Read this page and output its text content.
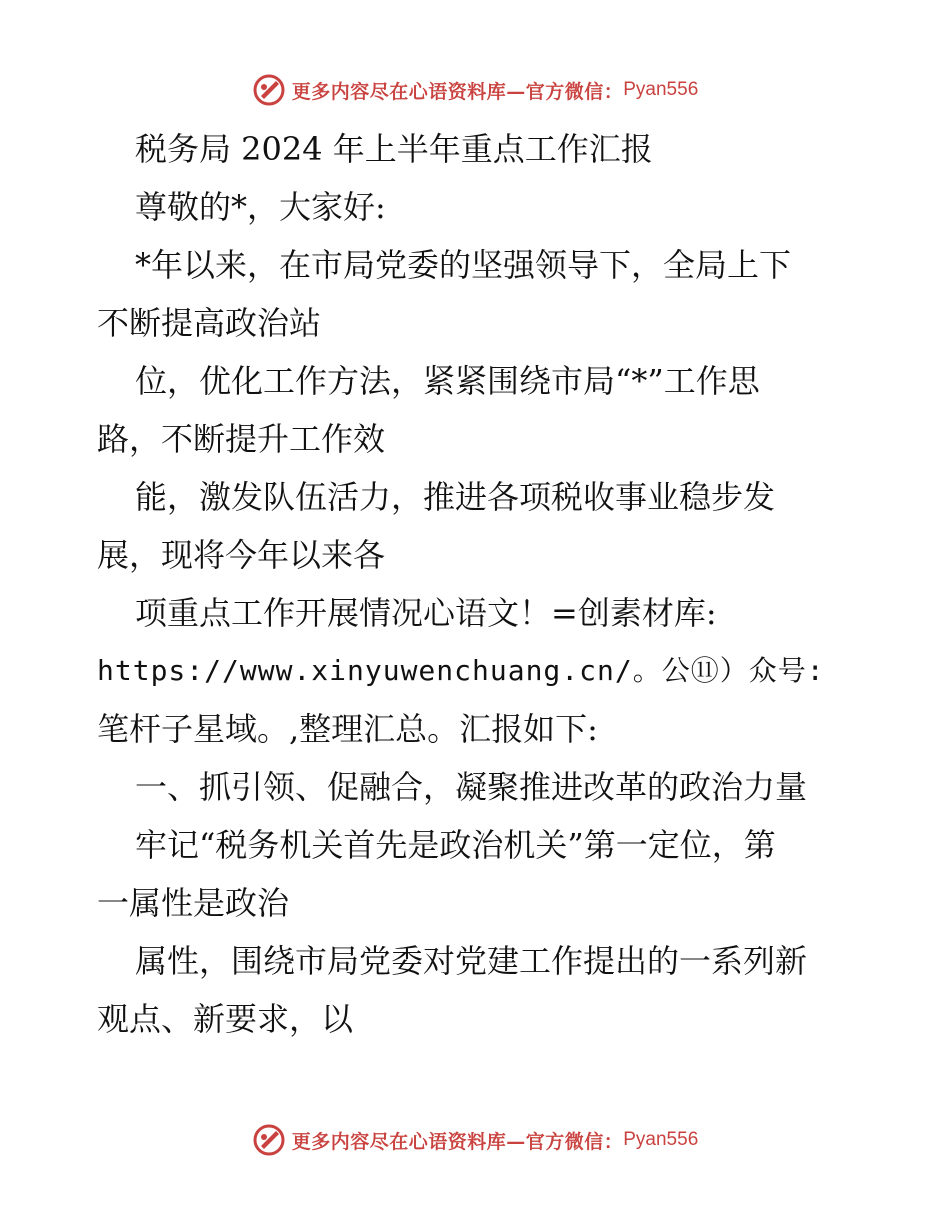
更多内容尽在心语资料库—官方微信： Pyan556

税务局 2024 年上半年重点工作汇报

尊敬的*，大家好:

*年以来，在市局党委的坚强领导下，全局上下

不断提高政治站

位，优化工作方法，紧紧围绕市局“*”工作思

路，不断提升工作效

能，激发队伍活力，推进各项税收事业稳步发

展，现将今年以来各

项重点工作开展情况心语文！=创素材库:

https://www.xinyuwenchuang.cn/。公⑪）众号:

笔杆子星域。,整理汇总。汇报如下:

一、抓引领、促融合，凝聚推进改革的政治力量

牢记“税务机关首先是政治机关”第一定位，第

一属性是政治

属性，围绕市局党委对党建工作提出的一系列新

观点、新要求，以

更多内容尽在心语资料库—官方微信： Pyan556
